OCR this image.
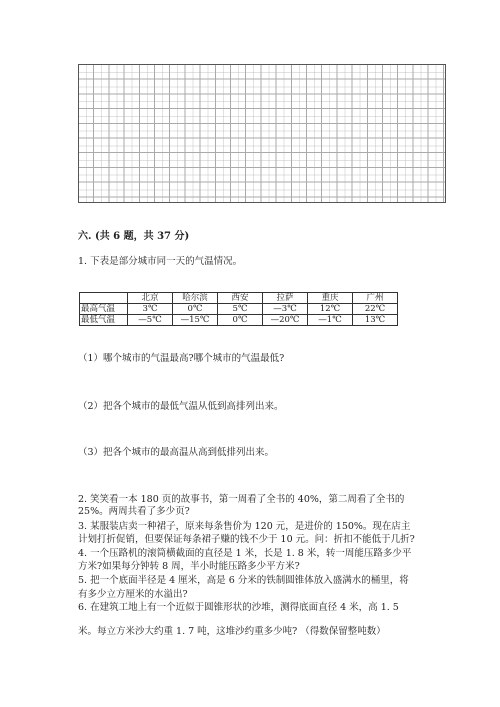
六. (共 6 题，共 37 分)
1. 下表是部分城市同一天的气温情况。
	北京	哈尔滨	西安	拉萨	重庆	广州
最高气温	3℃	0℃	5℃	—3℃	12℃	22℃
最低气温	—5℃	—15℃	0℃	—20℃	—1℃	13℃
（1）哪个城市的气温最高?哪个城市的气温最低?
（2）把各个城市的最低气温从低到高排列出来。
（3）把各个城市的最高温从高到低排列出来。
2. 笑笑看一本 180 页的故事书，第一周看了全书的 40%，第二周看了全书的
25%。两周共看了多少页?
3. 某服装店卖一种裙子，原来每条售价为 120 元，是进价的 150%。现在店主
计划打折促销，但要保证每条裙子赚的钱不少于 10 元。问：折扣不能低于几折?
4. 一个压路机的滚筒横截面的直径是 1 米，长是 1. 8 米，转一周能压路多少平
方米?如果每分钟转 8 周，半小时能压路多少平方米?
5. 把一个底面半径是 4 厘米，高是 6 分米的铁制圆锥体放入盛满水的桶里，将
有多少立方厘米的水溢出?
6. 在建筑工地上有一个近似于圆锥形状的沙堆，测得底面直径 4 米，高 1. 5
米。每立方米沙大约重 1. 7 吨，这堆沙约重多少吨? （得数保留整吨数）
